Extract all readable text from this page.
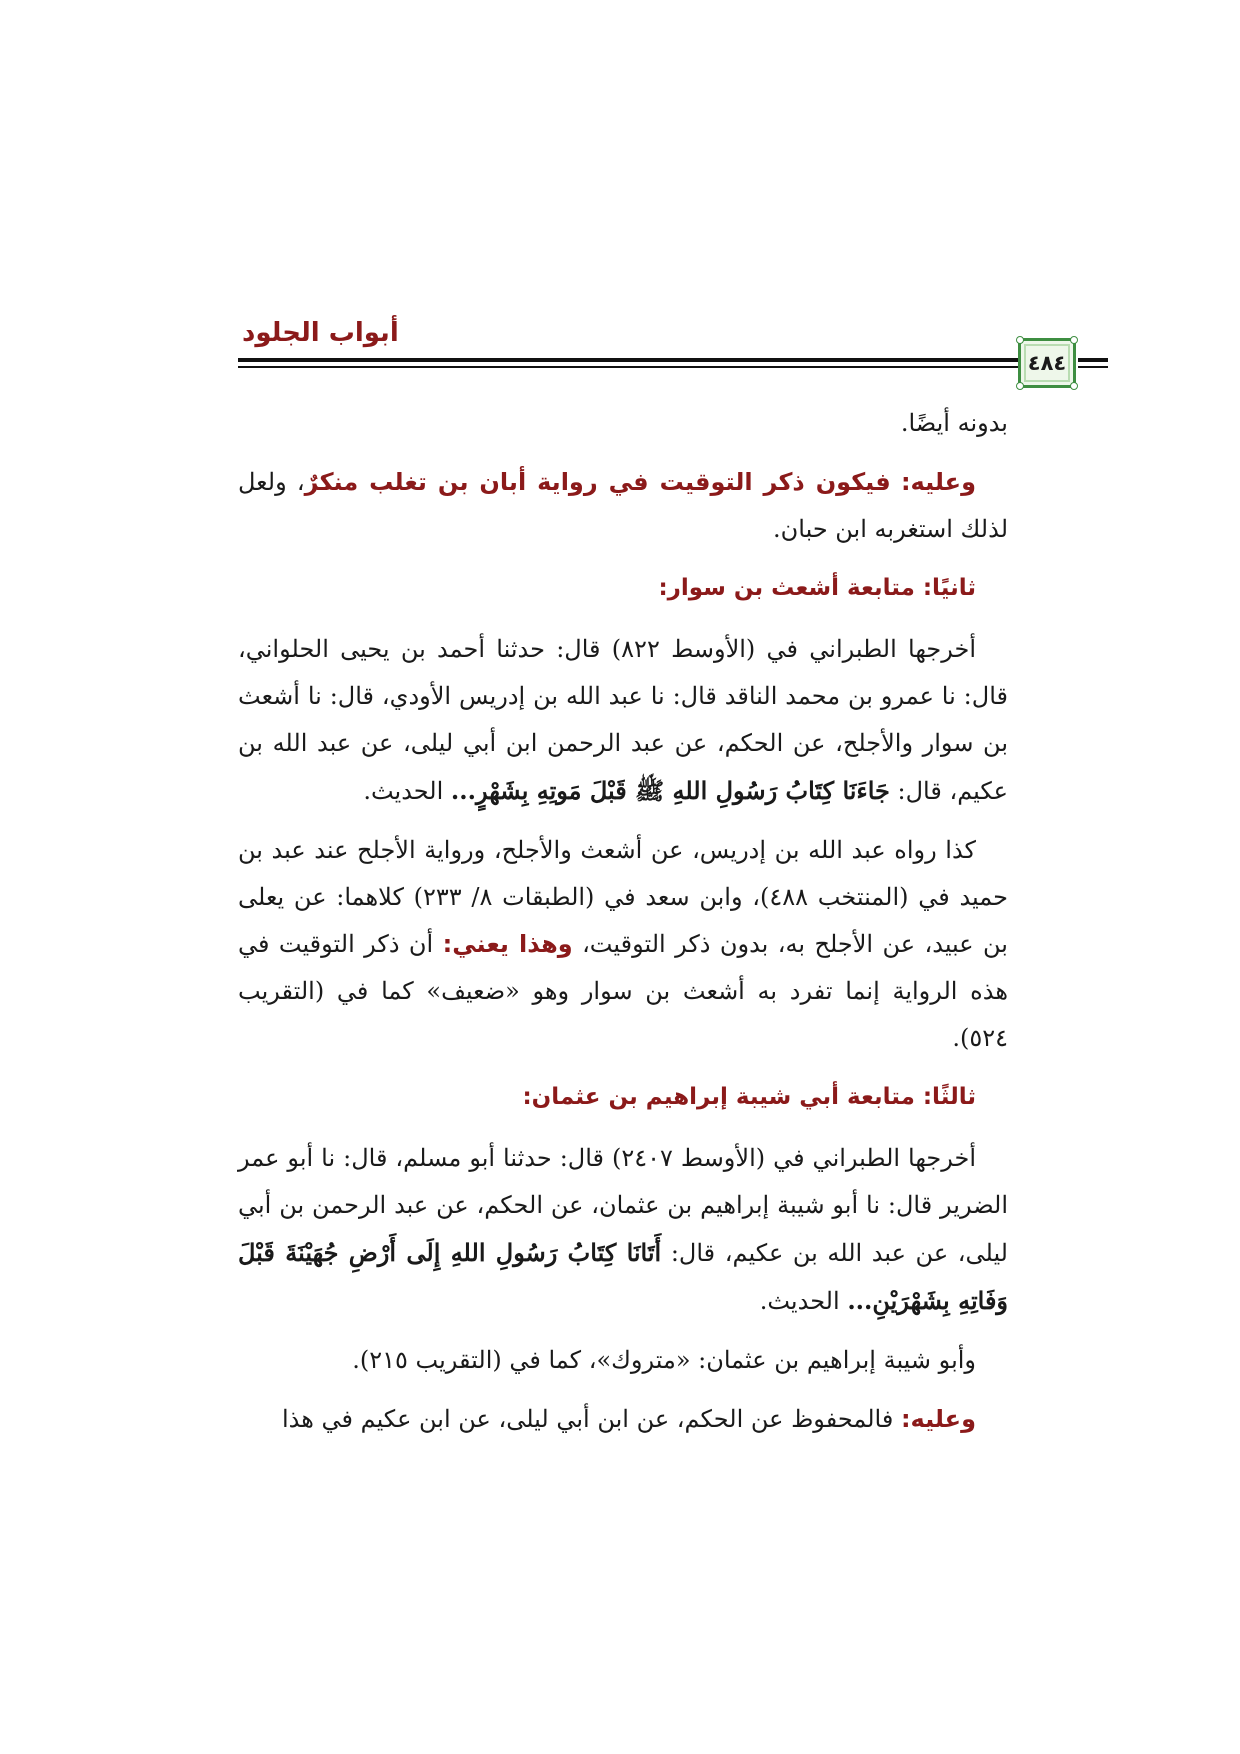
أبواب الجلود
٤٨٤

بدونه أيضًا.

وعليه: فيكون ذكر التوقيت في رواية أبان بن تغلب منكرٌ، ولعل لذلك استغربه ابن حبان.

ثانيًا: متابعة أشعث بن سوار:

أخرجها الطبراني في (الأوسط ٨٢٢) قال: حدثنا أحمد بن يحيى الحلواني، قال: نا عمرو بن محمد الناقد قال: نا عبد الله بن إدريس الأودي، قال: نا أشعث بن سوار والأجلح، عن الحكم، عن عبد الرحمن ابن أبي ليلى، عن عبد الله بن عكيم، قال: جَاءَنَا كِتَابُ رَسُولِ اللهِ ﷺ قَبْلَ مَوتِهِ بِشَهْرٍ... الحديث.

كذا رواه عبد الله بن إدريس، عن أشعث والأجلح، ورواية الأجلح عند عبد بن حميد في (المنتخب ٤٨٨)، وابن سعد في (الطبقات ٨/ ٢٣٣) كلاهما: عن يعلى بن عبيد، عن الأجلح به، بدون ذكر التوقيت، وهذا يعني: أن ذكر التوقيت في هذه الرواية إنما تفرد به أشعث بن سوار وهو «ضعيف» كما في (التقريب ٥٢٤).

ثالثًا: متابعة أبي شيبة إبراهيم بن عثمان:

أخرجها الطبراني في (الأوسط ٢٤٠٧) قال: حدثنا أبو مسلم، قال: نا أبو عمر الضرير قال: نا أبو شيبة إبراهيم بن عثمان، عن الحكم، عن عبد الرحمن بن أبي ليلى، عن عبد الله بن عكيم، قال: أَتَانَا كِتَابُ رَسُولِ اللهِ إِلَى أَرْضِ جُهَيْنَةَ قَبْلَ وَفَاتِهِ بِشَهْرَيْنِ... الحديث.

وأبو شيبة إبراهيم بن عثمان: «متروك»، كما في (التقريب ٢١٥).

وعليه: فالمحفوظ عن الحكم، عن ابن أبي ليلى، عن ابن عكيم في هذا
